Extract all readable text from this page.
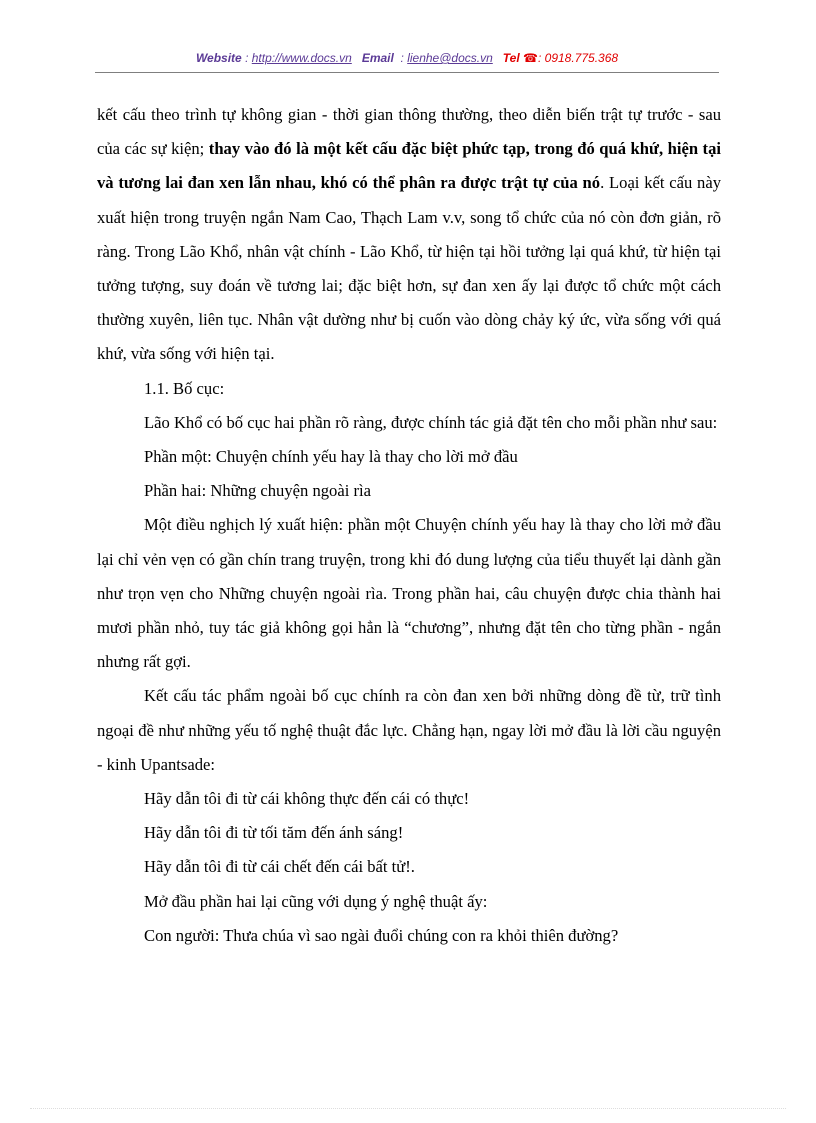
Website : http://www.docs.vn Email  : lienhe@docs.vn Tel ☎: 0918.775.368

kết cấu theo trình tự không gian - thời gian thông thường, theo diễn biến trật tự trước - sau của các sự kiện; thay vào đó là một kết cấu đặc biệt phức tạp, trong đó quá khứ, hiện tại và tương lai đan xen lẫn nhau, khó có thể phân ra được trật tự của nó. Loại kết cấu này xuất hiện trong truyện ngắn Nam Cao, Thạch Lam v.v, song tổ chức của nó còn đơn giản, rõ ràng. Trong Lão Khổ, nhân vật chính - Lão Khổ, từ hiện tại hồi tưởng lại quá khứ, từ hiện tại tưởng tượng, suy đoán về tương lai; đặc biệt hơn, sự đan xen ấy lại được tổ chức một cách thường xuyên, liên tục. Nhân vật dường như bị cuốn vào dòng chảy ký ức, vừa sống với quá khứ, vừa sống với hiện tại.

1.1. Bố cục:

Lão Khổ có bố cục hai phần rõ ràng, được chính tác giả đặt tên cho mỗi phần như sau:

Phần một: Chuyện chính yếu hay là thay cho lời mở đầu

Phần hai: Những chuyện ngoài rìa

Một điều nghịch lý xuất hiện: phần một Chuyện chính yếu hay là thay cho lời mở đầu lại chỉ vẻn vẹn có gần chín trang truyện, trong khi đó dung lượng của tiểu thuyết lại dành gần như trọn vẹn cho Những chuyện ngoài rìa. Trong phần hai, câu chuyện được chia thành hai mươi phần nhỏ, tuy tác giả không gọi hẳn là “chương”, nhưng đặt tên cho từng phần - ngắn nhưng rất gợi.

Kết cấu tác phẩm ngoài bố cục chính ra còn đan xen bởi những dòng đề từ, trữ tình ngoại đề như những yếu tố nghệ thuật đắc lực. Chẳng hạn, ngay lời mở đầu là lời cầu nguyện - kinh Upantsade:

Hãy dẫn tôi đi từ cái không thực đến cái có thực!

Hãy dẫn tôi đi từ tối tăm đến ánh sáng!

Hãy dẫn tôi đi từ cái chết đến cái bất tử!.

Mở đầu phần hai lại cũng với dụng ý nghệ thuật ấy:

Con người: Thưa chúa vì sao ngài đuổi chúng con ra khỏi thiên đường?
